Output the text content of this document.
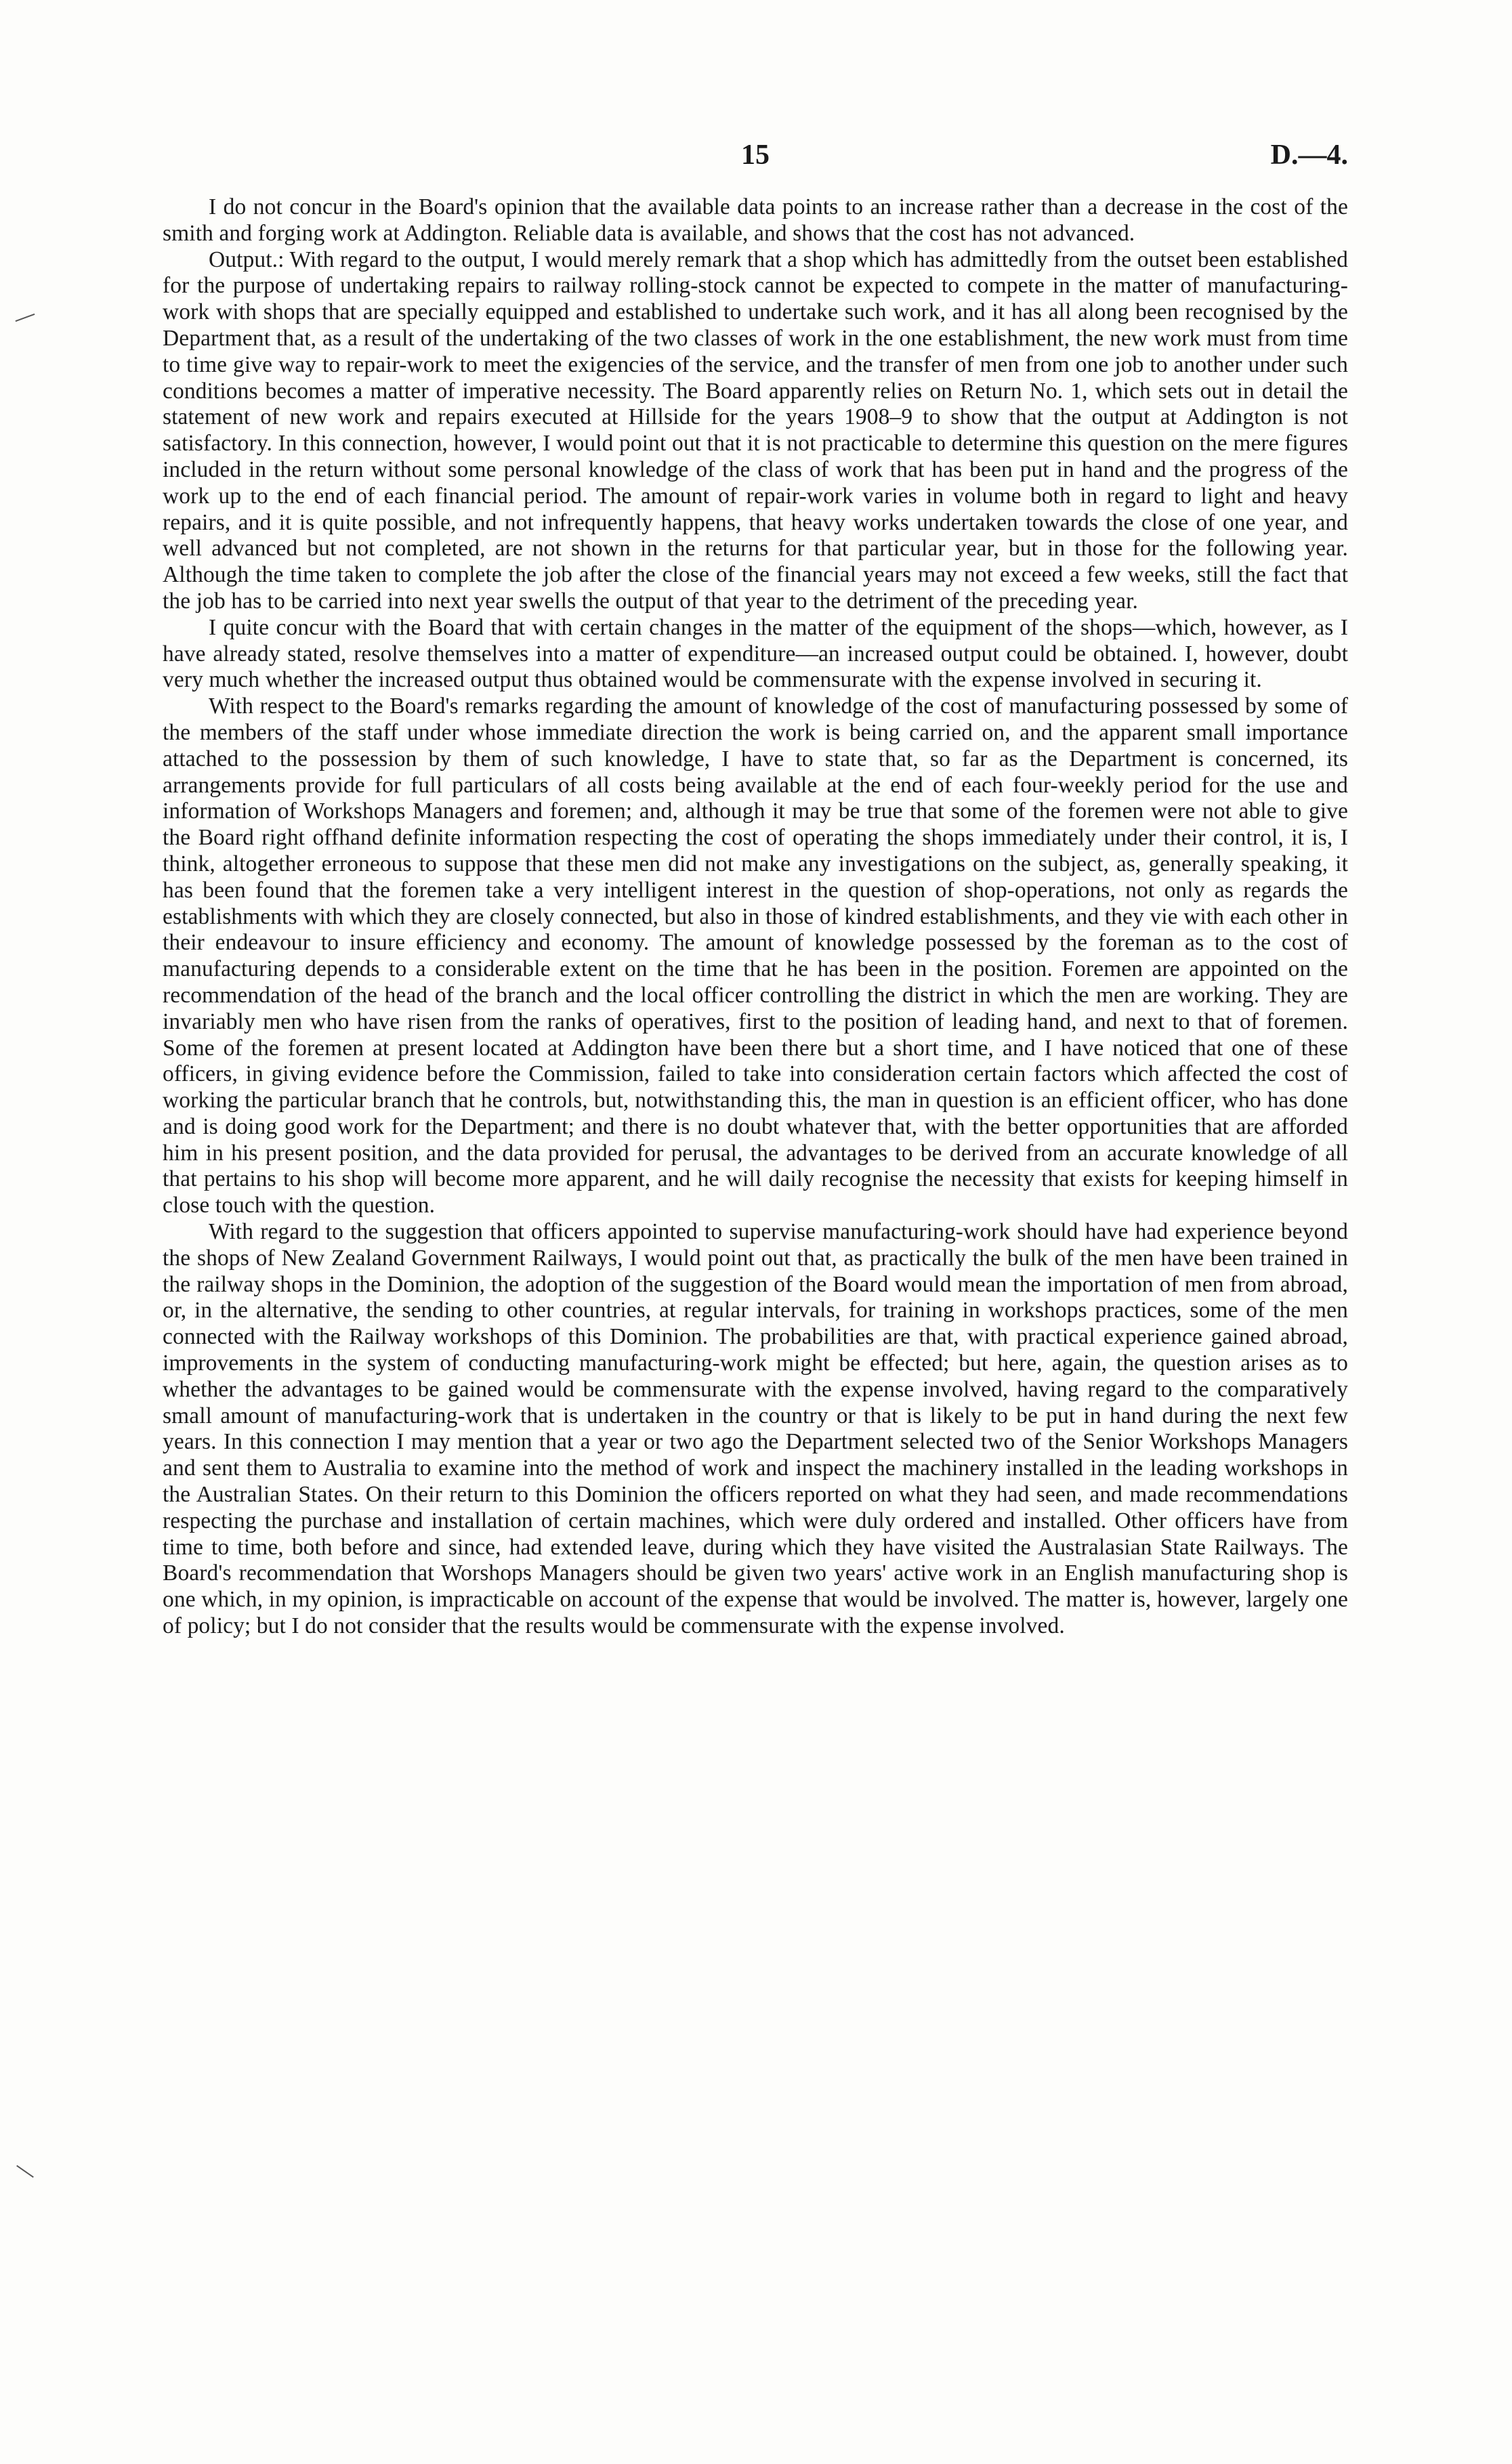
15	D.—4.

I do not concur in the Board's opinion that the available data points to an increase rather than a decrease in the cost of the smith and forging work at Addington. Reliable data is available, and shows that the cost has not advanced.

Output.: With regard to the output, I would merely remark that a shop which has admittedly from the outset been established for the purpose of undertaking repairs to railway rolling-stock cannot be expected to compete in the matter of manufacturing-work with shops that are specially equipped and established to undertake such work, and it has all along been recognised by the Department that, as a result of the undertaking of the two classes of work in the one establishment, the new work must from time to time give way to repair-work to meet the exigencies of the service, and the transfer of men from one job to another under such conditions becomes a matter of imperative necessity. The Board apparently relies on Return No. 1, which sets out in detail the statement of new work and repairs executed at Hillside for the years 1908–9 to show that the output at Addington is not satisfactory. In this connection, however, I would point out that it is not practicable to determine this question on the mere figures included in the return without some personal knowledge of the class of work that has been put in hand and the progress of the work up to the end of each financial period. The amount of repair-work varies in volume both in regard to light and heavy repairs, and it is quite possible, and not infrequently happens, that heavy works undertaken towards the close of one year, and well advanced but not completed, are not shown in the returns for that particular year, but in those for the following year. Although the time taken to complete the job after the close of the financial years may not exceed a few weeks, still the fact that the job has to be carried into next year swells the output of that year to the detriment of the preceding year.

I quite concur with the Board that with certain changes in the matter of the equipment of the shops—which, however, as I have already stated, resolve themselves into a matter of expenditure—an increased output could be obtained. I, however, doubt very much whether the increased output thus obtained would be commensurate with the expense involved in securing it.

With respect to the Board's remarks regarding the amount of knowledge of the cost of manufacturing possessed by some of the members of the staff under whose immediate direction the work is being carried on, and the apparent small importance attached to the possession by them of such knowledge, I have to state that, so far as the Department is concerned, its arrangements provide for full particulars of all costs being available at the end of each four-weekly period for the use and information of Workshops Managers and foremen; and, although it may be true that some of the foremen were not able to give the Board right offhand definite information respecting the cost of operating the shops immediately under their control, it is, I think, altogether erroneous to suppose that these men did not make any investigations on the subject, as, generally speaking, it has been found that the foremen take a very intelligent interest in the question of shop-operations, not only as regards the establishments with which they are closely connected, but also in those of kindred establishments, and they vie with each other in their endeavour to insure efficiency and economy. The amount of knowledge possessed by the foreman as to the cost of manufacturing depends to a considerable extent on the time that he has been in the position. Foremen are appointed on the recommendation of the head of the branch and the local officer controlling the district in which the men are working. They are invariably men who have risen from the ranks of operatives, first to the position of leading hand, and next to that of foremen. Some of the foremen at present located at Addington have been there but a short time, and I have noticed that one of these officers, in giving evidence before the Commission, failed to take into consideration certain factors which affected the cost of working the particular branch that he controls, but, notwithstanding this, the man in question is an efficient officer, who has done and is doing good work for the Department; and there is no doubt whatever that, with the better opportunities that are afforded him in his present position, and the data provided for perusal, the advantages to be derived from an accurate knowledge of all that pertains to his shop will become more apparent, and he will daily recognise the necessity that exists for keeping himself in close touch with the question.

With regard to the suggestion that officers appointed to supervise manufacturing-work should have had experience beyond the shops of New Zealand Government Railways, I would point out that, as practically the bulk of the men have been trained in the railway shops in the Dominion, the adoption of the suggestion of the Board would mean the importation of men from abroad, or, in the alternative, the sending to other countries, at regular intervals, for training in workshops practices, some of the men connected with the Railway workshops of this Dominion. The probabilities are that, with practical experience gained abroad, improvements in the system of conducting manufacturing-work might be effected; but here, again, the question arises as to whether the advantages to be gained would be commensurate with the expense involved, having regard to the comparatively small amount of manufacturing-work that is undertaken in the country or that is likely to be put in hand during the next few years. In this connection I may mention that a year or two ago the Department selected two of the Senior Workshops Managers and sent them to Australia to examine into the method of work and inspect the machinery installed in the leading workshops in the Australian States. On their return to this Dominion the officers reported on what they had seen, and made recommendations respecting the purchase and installation of certain machines, which were duly ordered and installed. Other officers have from time to time, both before and since, had extended leave, during which they have visited the Australasian State Railways. The Board's recommendation that Worshops Managers should be given two years' active work in an English manufacturing shop is one which, in my opinion, is impracticable on account of the expense that would be involved. The matter is, however, largely one of policy; but I do not consider that the results would be commensurate with the expense involved.
